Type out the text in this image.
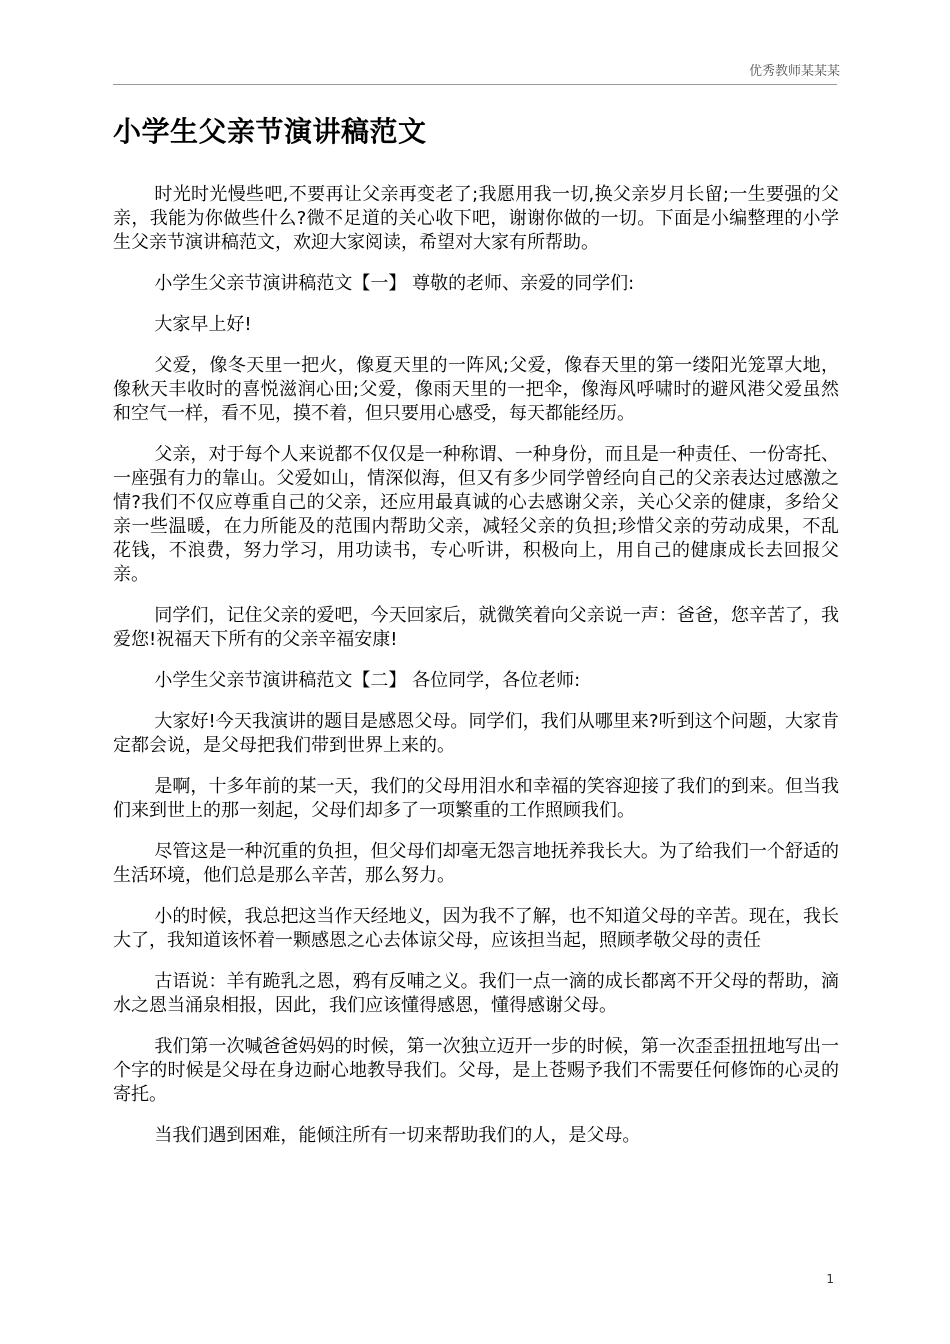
优秀教师某某某
小学生父亲节演讲稿范文

时光时光慢些吧,不要再让父亲再变老了;我愿用我一切,换父亲岁月长留;一生要强的父亲，我能为你做些什么?微不足道的关心收下吧，谢谢你做的一切。下面是小编整理的小学生父亲节演讲稿范文，欢迎大家阅读，希望对大家有所帮助。

小学生父亲节演讲稿范文【一】 尊敬的老师、亲爱的同学们:

大家早上好!

父爱，像冬天里一把火，像夏天里的一阵风;父爱，像春天里的第一缕阳光笼罩大地，像秋天丰收时的喜悦滋润心田;父爱，像雨天里的一把伞，像海风呼啸时的避风港父爱虽然和空气一样，看不见，摸不着，但只要用心感受，每天都能经历。

父亲，对于每个人来说都不仅仅是一种称谓、一种身份，而且是一种责任、一份寄托、一座强有力的靠山。父爱如山，情深似海，但又有多少同学曾经向自己的父亲表达过感激之情?我们不仅应尊重自己的父亲，还应用最真诚的心去感谢父亲，关心父亲的健康，多给父亲一些温暖，在力所能及的范围内帮助父亲，减轻父亲的负担;珍惜父亲的劳动成果，不乱花钱，不浪费，努力学习，用功读书，专心听讲，积极向上，用自己的健康成长去回报父亲。

同学们，记住父亲的爱吧，今天回家后，就微笑着向父亲说一声：爸爸，您辛苦了，我爱您!祝福天下所有的父亲辛福安康!

小学生父亲节演讲稿范文【二】 各位同学，各位老师:

大家好!今天我演讲的题目是感恩父母。同学们，我们从哪里来?听到这个问题，大家肯定都会说，是父母把我们带到世界上来的。

是啊，十多年前的某一天，我们的父母用泪水和幸福的笑容迎接了我们的到来。但当我们来到世上的那一刻起，父母们却多了一项繁重的工作照顾我们。

尽管这是一种沉重的负担，但父母们却毫无怨言地抚养我长大。为了给我们一个舒适的生活环境，他们总是那么辛苦，那么努力。

小的时候，我总把这当作天经地义，因为我不了解，也不知道父母的辛苦。现在，我长大了，我知道该怀着一颗感恩之心去体谅父母，应该担当起，照顾孝敬父母的责任

古语说：羊有跪乳之恩，鸦有反哺之义。我们一点一滴的成长都离不开父母的帮助，滴水之恩当涌泉相报，因此，我们应该懂得感恩，懂得感谢父母。

我们第一次喊爸爸妈妈的时候，第一次独立迈开一步的时候，第一次歪歪扭扭地写出一个字的时候是父母在身边耐心地教导我们。父母，是上苍赐予我们不需要任何修饰的心灵的寄托。

当我们遇到困难，能倾注所有一切来帮助我们的人，是父母。

1
